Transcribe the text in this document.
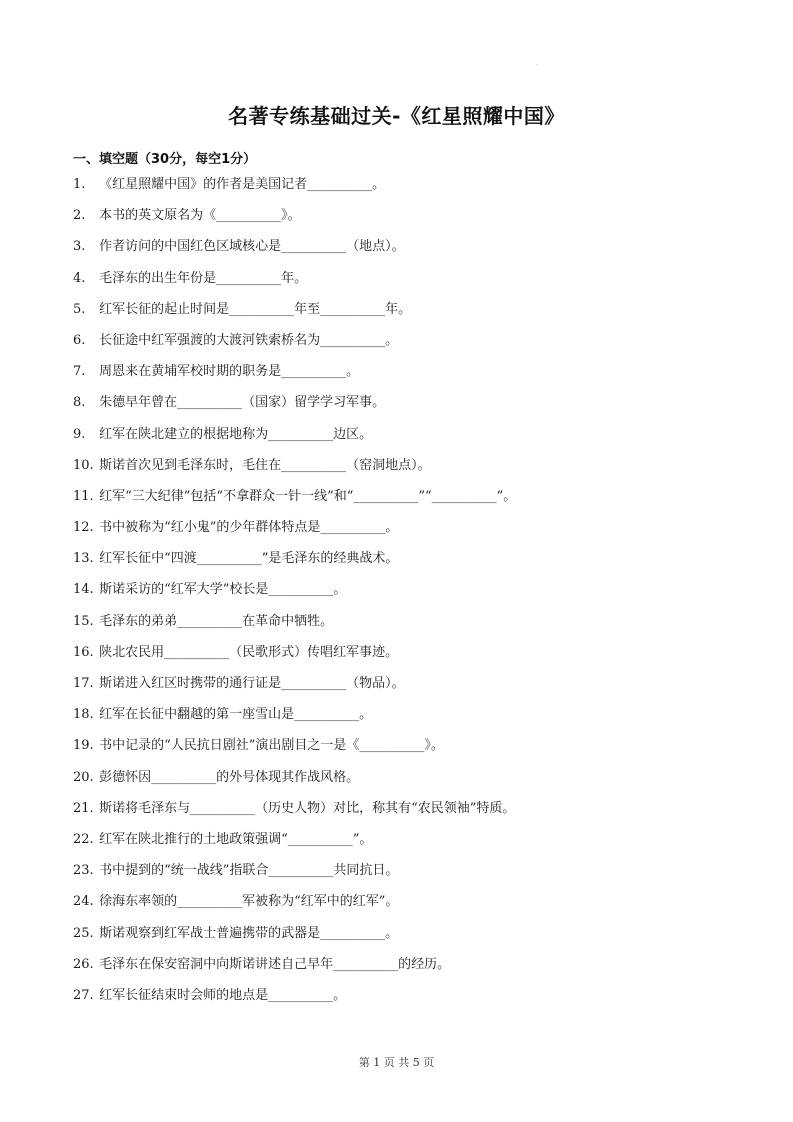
.
名著专练基础过关-《红星照耀中国》
一、填空题（30分，每空1分）
1. 《红星照耀中国》的作者是美国记者__________。
2. 本书的英文原名为《__________》。
3. 作者访问的中国红色区域核心是__________（地点）。
4. 毛泽东的出生年份是__________年。
5. 红军长征的起止时间是__________年至__________年。
6. 长征途中红军强渡的大渡河铁索桥名为__________。
7. 周恩来在黄埔军校时期的职务是__________。
8. 朱德早年曾在__________（国家）留学学习军事。
9. 红军在陕北建立的根据地称为__________边区。
10. 斯诺首次见到毛泽东时，毛住在__________（窑洞地点）。
11. 红军“三大纪律”包括“不拿群众一针一线”和“__________”“__________”。
12. 书中被称为“红小鬼”的少年群体特点是__________。
13. 红军长征中“四渡__________”是毛泽东的经典战术。
14. 斯诺采访的“红军大学”校长是__________。
15. 毛泽东的弟弟__________在革命中牺牲。
16. 陕北农民用__________（民歌形式）传唱红军事迹。
17. 斯诺进入红区时携带的通行证是__________（物品）。
18. 红军在长征中翻越的第一座雪山是__________。
19. 书中记录的“人民抗日剧社”演出剧目之一是《__________》。
20. 彭德怀因__________的外号体现其作战风格。
21. 斯诺将毛泽东与__________（历史人物）对比，称其有“农民领袖”特质。
22. 红军在陕北推行的土地政策强调“__________”。
23. 书中提到的“统一战线”指联合__________共同抗日。
24. 徐海东率领的__________军被称为“红军中的红军”。
25. 斯诺观察到红军战士普遍携带的武器是__________。
26. 毛泽东在保安窑洞中向斯诺讲述自己早年__________的经历。
27. 红军长征结束时会师的地点是__________。
第 1 页 共 5 页
